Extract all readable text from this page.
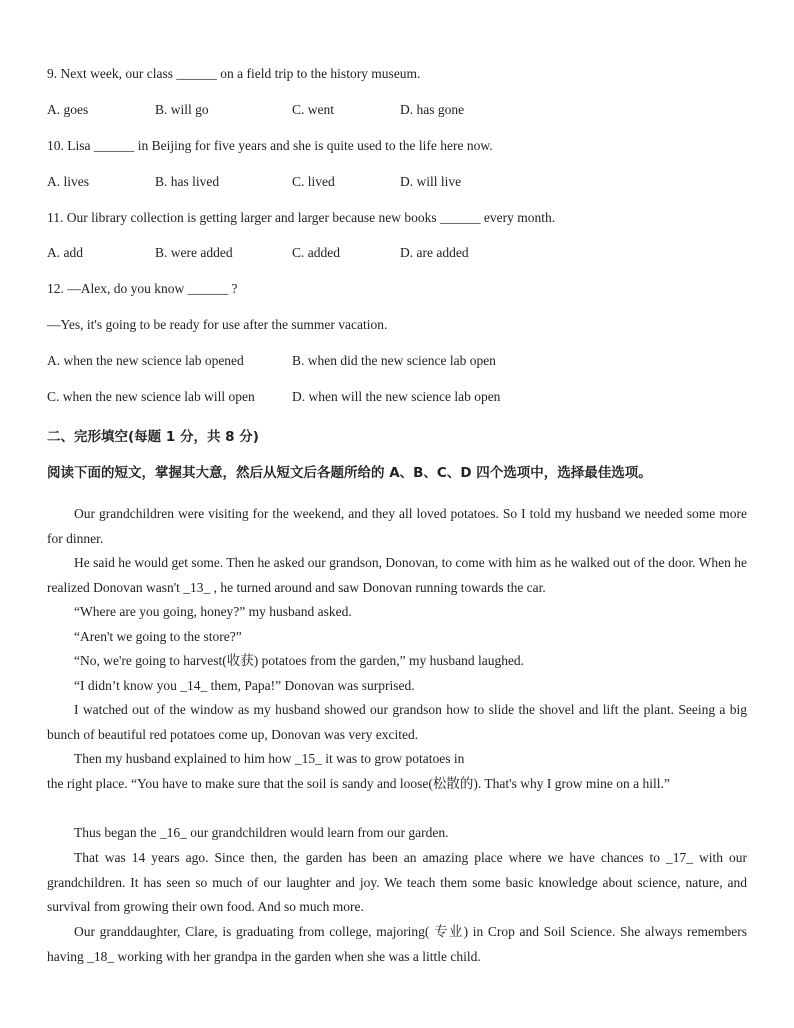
9. Next week, our class ______ on a field trip to the history museum.
A. goes	B. will go	C. went	D. has gone
10. Lisa ______ in Beijing for five years and she is quite used to the life here now.
A. lives	B. has lived	C. lived	D. will live
11. Our library collection is getting larger and larger because new books ______ every month.
A. add	B. were added	C. added	D. are added
12. —Alex, do you know ______ ?
—Yes, it's going to be ready for use after the summer vacation.
A. when the new science lab opened	B. when did the new science lab open
C. when the new science lab will open	D. when will the new science lab open
二、完形填空(每题 1 分，共 8 分)
阅读下面的短文，掌握其大意，然后从短文后各题所给的 A、B、C、D 四个选项中，选择最佳选项。
Our grandchildren were visiting for the weekend, and they all loved potatoes. So I told my husband we needed some more for dinner.
He said he would get some. Then he asked our grandson, Donovan, to come with him as he walked out of the door. When he realized Donovan wasn't _13_ , he turned around and saw Donovan running towards the car.
“Where are you going, honey?” my husband asked.
“Aren't we going to the store?”
“No, we're going to harvest(收获) potatoes from the garden,” my husband laughed.
“I didn’t know you _14_ them, Papa!” Donovan was surprised.
I watched out of the window as my husband showed our grandson how to slide the shovel and lift the plant. Seeing a big bunch of beautiful red potatoes come up, Donovan was very excited.
Then my husband explained to him how _15_ it was to grow potatoes in
the right place. “You have to make sure that the soil is sandy and loose(松散的). That's why I grow mine on a hill.”
Thus began the _16_ our grandchildren would learn from our garden.
That was 14 years ago. Since then, the garden has been an amazing place where we have chances to _17_ with our grandchildren. It has seen so much of our laughter and joy. We teach them some basic knowledge about science, nature, and survival from growing their own food. And so much more.
Our granddaughter, Clare, is graduating from college, majoring( 专业) in Crop and Soil Science. She always remembers having _18_ working with her grandpa in the garden when she was a little child.
